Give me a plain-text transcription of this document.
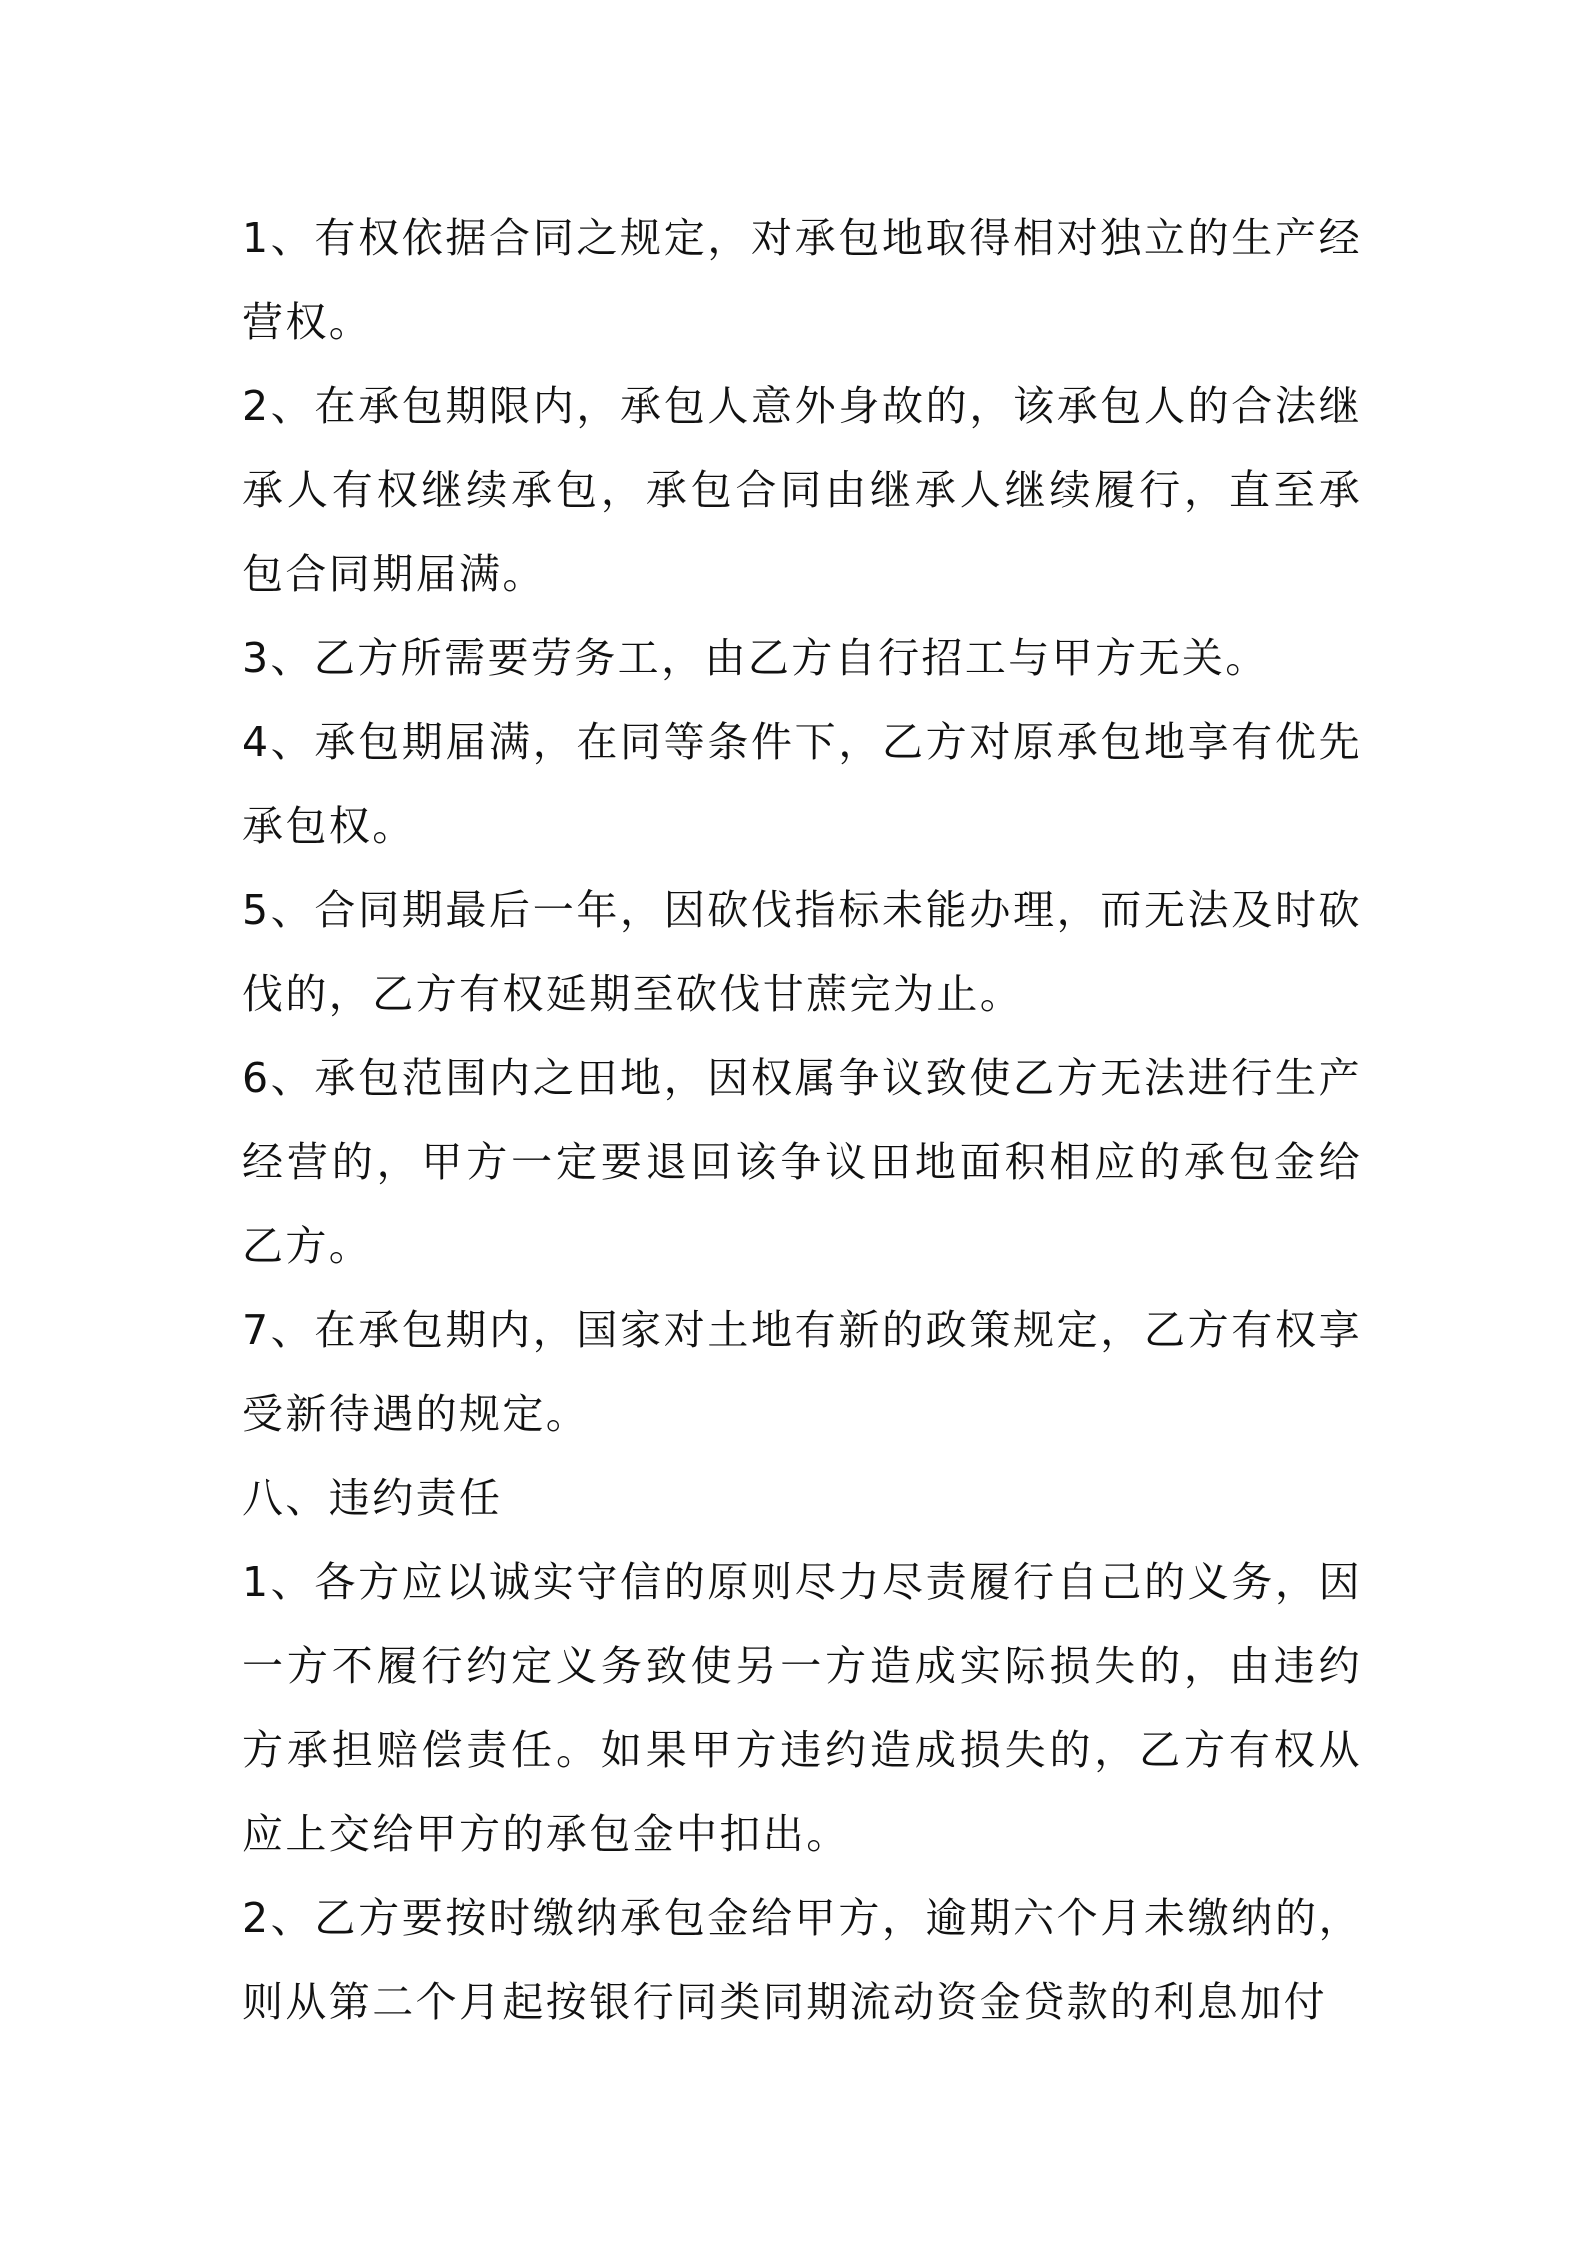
1、有权依据合同之规定，对承包地取得相对独立的生产经营权。

2、在承包期限内，承包人意外身故的，该承包人的合法继承人有权继续承包，承包合同由继承人继续履行，直至承包合同期届满。

3、乙方所需要劳务工，由乙方自行招工与甲方无关。

4、承包期届满，在同等条件下，乙方对原承包地享有优先承包权。

5、合同期最后一年，因砍伐指标未能办理，而无法及时砍伐的，乙方有权延期至砍伐甘蔗完为止。

6、承包范围内之田地，因权属争议致使乙方无法进行生产经营的，甲方一定要退回该争议田地面积相应的承包金给乙方。

7、在承包期内，国家对土地有新的政策规定，乙方有权享受新待遇的规定。

八、违约责任

1、各方应以诚实守信的原则尽力尽责履行自己的义务，因一方不履行约定义务致使另一方造成实际损失的，由违约方承担赔偿责任。如果甲方违约造成损失的，乙方有权从应上交给甲方的承包金中扣出。

2、乙方要按时缴纳承包金给甲方，逾期六个月未缴纳的，则从第二个月起按银行同类同期流动资金贷款的利息加付
